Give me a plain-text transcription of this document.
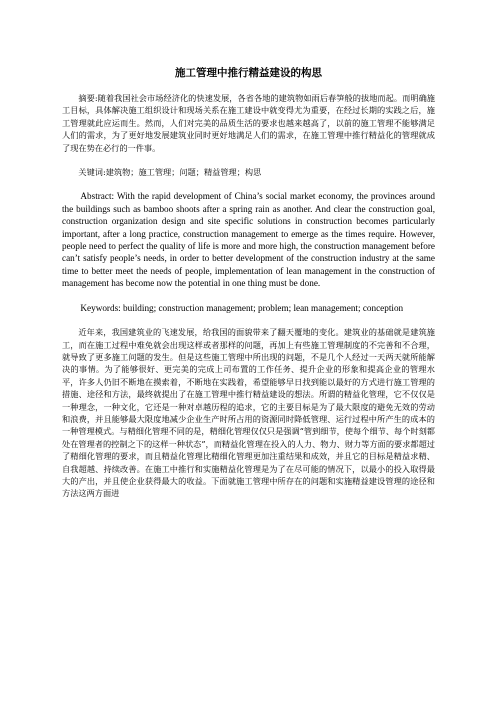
施工管理中推行精益建设的构思
摘要:随着我国社会市场经济化的快速发展，各省各地的建筑物如雨后春笋般的拔地而起。而明确施工目标，具体解决施工组织设计和现场关系在施工建设中就变得尤为重要，在经过长期的实践之后，施工管理就此应运而生。然而，人们对完美的品质生活的要求也越来越高了，以前的施工管理不能够满足人们的需求，为了更好地发展建筑业同时更好地满足人们的需求，在施工管理中推行精益化的管理就成了现在势在必行的一件事。
关键词:建筑物；施工管理；问题；精益管理；构思
Abstract: With the rapid development of China’s social market economy, the provinces around the buildings such as bamboo shoots after a spring rain as another. And clear the construction goal, construction organization design and site specific solutions in construction becomes particularly important, after a long practice, construction management to emerge as the times require. However, people need to perfect the quality of life is more and more high, the construction management before can’t satisfy people’s needs, in order to better development of the construction industry at the same time to better meet the needs of people, implementation of lean management in the construction of management has become now the potential in one thing must be done.
Keywords: building; construction management; problem; lean management; conception
近年来，我国建筑业的飞速发展，给我国的面貌带来了翻天覆地的变化。建筑业的基础就是建筑施工，而在施工过程中难免就会出现这样或者那样的问题，再加上有些施工管理制度的不完善和不合理，就导致了更多施工问题的发生。但是这些施工管理中所出现的问题，不是几个人经过一天两天就所能解决的事情。为了能够很好、更完美的完成上司布置的工作任务、提升企业的形象和提高企业的管理水平，许多人仍旧不断地在摸索着，不断地在实践着，希望能够早日找到能以最好的方式进行施工管理的措施、途径和方法，最终就提出了在施工管理中推行精益建设的想法。所谓的精益化管理，它不仅仅是一种理念，一种文化，它还是一种对卓越历程的追求，它的主要目标是为了最大限度的避免无效的劳动和浪费，并且能够最大限度地减少企业生产时所占用的资源同时降低管理、运行过程中所产生的成本的一种管理模式。与精细化管理不同的是，精细化管理仅仅只是强调“管到细节，使每个细节、每个时刻都处在管理者的控制之下的这样一种状态”，而精益化管理在投入的人力、物力、财力等方面的要求都超过了精细化管理的要求，而且精益化管理比精细化管理更加注重结果和成效，并且它的目标是精益求精、自我超越、持续改善。在施工中推行和实施精益化管理是为了在尽可能的情况下，以最小的投入取得最大的产出，并且使企业获得最大的收益。下面就施工管理中所存在的问题和实施精益建设管理的途径和方法这两方面进
